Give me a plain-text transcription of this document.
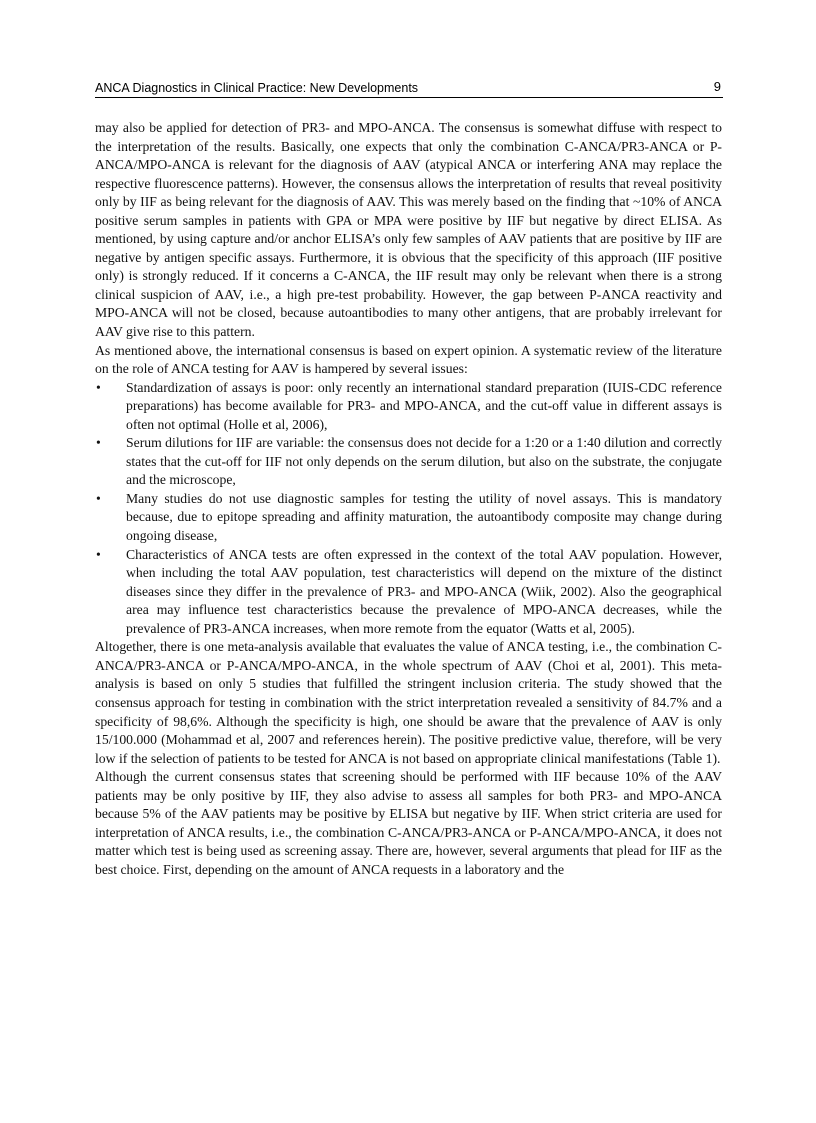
ANCA Diagnostics in Clinical Practice: New Developments	9

may also be applied for detection of PR3- and MPO-ANCA. The consensus is somewhat diffuse with respect to the interpretation of the results. Basically, one expects that only the combination C-ANCA/PR3-ANCA or P-ANCA/MPO-ANCA is relevant for the diagnosis of AAV (atypical ANCA or interfering ANA may replace the respective fluorescence patterns). However, the consensus allows the interpretation of results that reveal positivity only by IIF as being relevant for the diagnosis of AAV. This was merely based on the finding that ~10% of ANCA positive serum samples in patients with GPA or MPA were positive by IIF but negative by direct ELISA. As mentioned, by using capture and/or anchor ELISA’s only few samples of AAV patients that are positive by IIF are negative by antigen specific assays. Furthermore, it is obvious that the specificity of this approach (IIF positive only) is strongly reduced. If it concerns a C-ANCA, the IIF result may only be relevant when there is a strong clinical suspicion of AAV, i.e., a high pre-test probability. However, the gap between P-ANCA reactivity and MPO-ANCA will not be closed, because autoantibodies to many other antigens, that are probably irrelevant for AAV give rise to this pattern.

As mentioned above, the international consensus is based on expert opinion. A systematic review of the literature on the role of ANCA testing for AAV is hampered by several issues:

• Standardization of assays is poor: only recently an international standard preparation (IUIS-CDC reference preparations) has become available for PR3- and MPO-ANCA, and the cut-off value in different assays is often not optimal (Holle et al, 2006),
• Serum dilutions for IIF are variable: the consensus does not decide for a 1:20 or a 1:40 dilution and correctly states that the cut-off for IIF not only depends on the serum dilution, but also on the substrate, the conjugate and the microscope,
• Many studies do not use diagnostic samples for testing the utility of novel assays. This is mandatory because, due to epitope spreading and affinity maturation, the autoantibody composite may change during ongoing disease,
• Characteristics of ANCA tests are often expressed in the context of the total AAV population. However, when including the total AAV population, test characteristics will depend on the mixture of the distinct diseases since they differ in the prevalence of PR3- and MPO-ANCA (Wiik, 2002). Also the geographical area may influence test characteristics because the prevalence of MPO-ANCA decreases, while the prevalence of PR3-ANCA increases, when more remote from the equator (Watts et al, 2005).

Altogether, there is one meta-analysis available that evaluates the value of ANCA testing, i.e., the combination C-ANCA/PR3-ANCA or P-ANCA/MPO-ANCA, in the whole spectrum of AAV (Choi et al, 2001). This meta-analysis is based on only 5 studies that fulfilled the stringent inclusion criteria. The study showed that the consensus approach for testing in combination with the strict interpretation revealed a sensitivity of 84.7% and a specificity of 98,6%. Although the specificity is high, one should be aware that the prevalence of AAV is only 15/100.000 (Mohammad et al, 2007 and references herein). The positive predictive value, therefore, will be very low if the selection of patients to be tested for ANCA is not based on appropriate clinical manifestations (Table 1).

Although the current consensus states that screening should be performed with IIF because 10% of the AAV patients may be only positive by IIF, they also advise to assess all samples for both PR3- and MPO-ANCA because 5% of the AAV patients may be positive by ELISA but negative by IIF. When strict criteria are used for interpretation of ANCA results, i.e., the combination C-ANCA/PR3-ANCA or P-ANCA/MPO-ANCA, it does not matter which test is being used as screening assay. There are, however, several arguments that plead for IIF as the best choice. First, depending on the amount of ANCA requests in a laboratory and the
